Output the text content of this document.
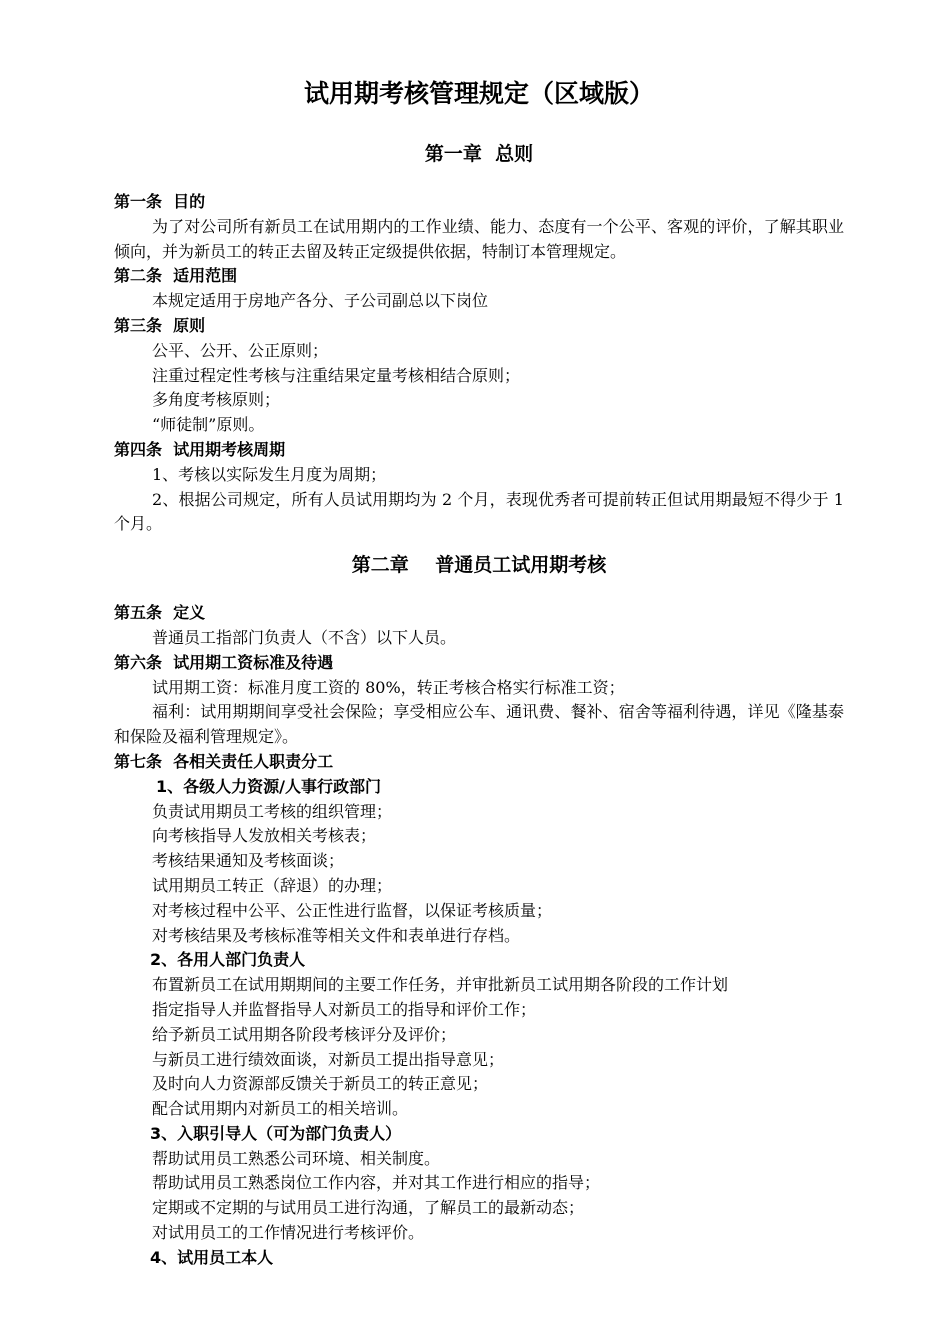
试用期考核管理规定（区域版）
第一章  总则
第一条  目的
为了对公司所有新员工在试用期内的工作业绩、能力、态度有一个公平、客观的评价，了解其职业倾向，并为新员工的转正去留及转正定级提供依据，特制订本管理规定。
第二条  适用范围
本规定适用于房地产各分、子公司副总以下岗位
第三条  原则
公平、公开、公正原则；
注重过程定性考核与注重结果定量考核相结合原则；
多角度考核原则；
“师徒制”原则。
第四条  试用期考核周期
1、考核以实际发生月度为周期；
2、根据公司规定，所有人员试用期均为 2 个月，表现优秀者可提前转正但试用期最短不得少于 1 个月。
第二章    普通员工试用期考核
第五条  定义
普通员工指部门负责人（不含）以下人员。
第六条  试用期工资标准及待遇
试用期工资：标准月度工资的 80%，转正考核合格实行标准工资；
福利：试用期期间享受社会保险；享受相应公车、通讯费、餐补、宿舍等福利待遇，详见《隆基泰和保险及福利管理规定》。
第七条  各相关责任人职责分工
1、各级人力资源/人事行政部门
负责试用期员工考核的组织管理；
向考核指导人发放相关考核表；
考核结果通知及考核面谈；
试用期员工转正（辞退）的办理；
对考核过程中公平、公正性进行监督，以保证考核质量；
对考核结果及考核标准等相关文件和表单进行存档。
2、各用人部门负责人
布置新员工在试用期期间的主要工作任务，并审批新员工试用期各阶段的工作计划
指定指导人并监督指导人对新员工的指导和评价工作；
给予新员工试用期各阶段考核评分及评价；
与新员工进行绩效面谈，对新员工提出指导意见；
及时向人力资源部反馈关于新员工的转正意见；
配合试用期内对新员工的相关培训。
3、入职引导人（可为部门负责人）
帮助试用员工熟悉公司环境、相关制度。
帮助试用员工熟悉岗位工作内容，并对其工作进行相应的指导；
定期或不定期的与试用员工进行沟通，了解员工的最新动态；
对试用员工的工作情况进行考核评价。
4、试用员工本人
